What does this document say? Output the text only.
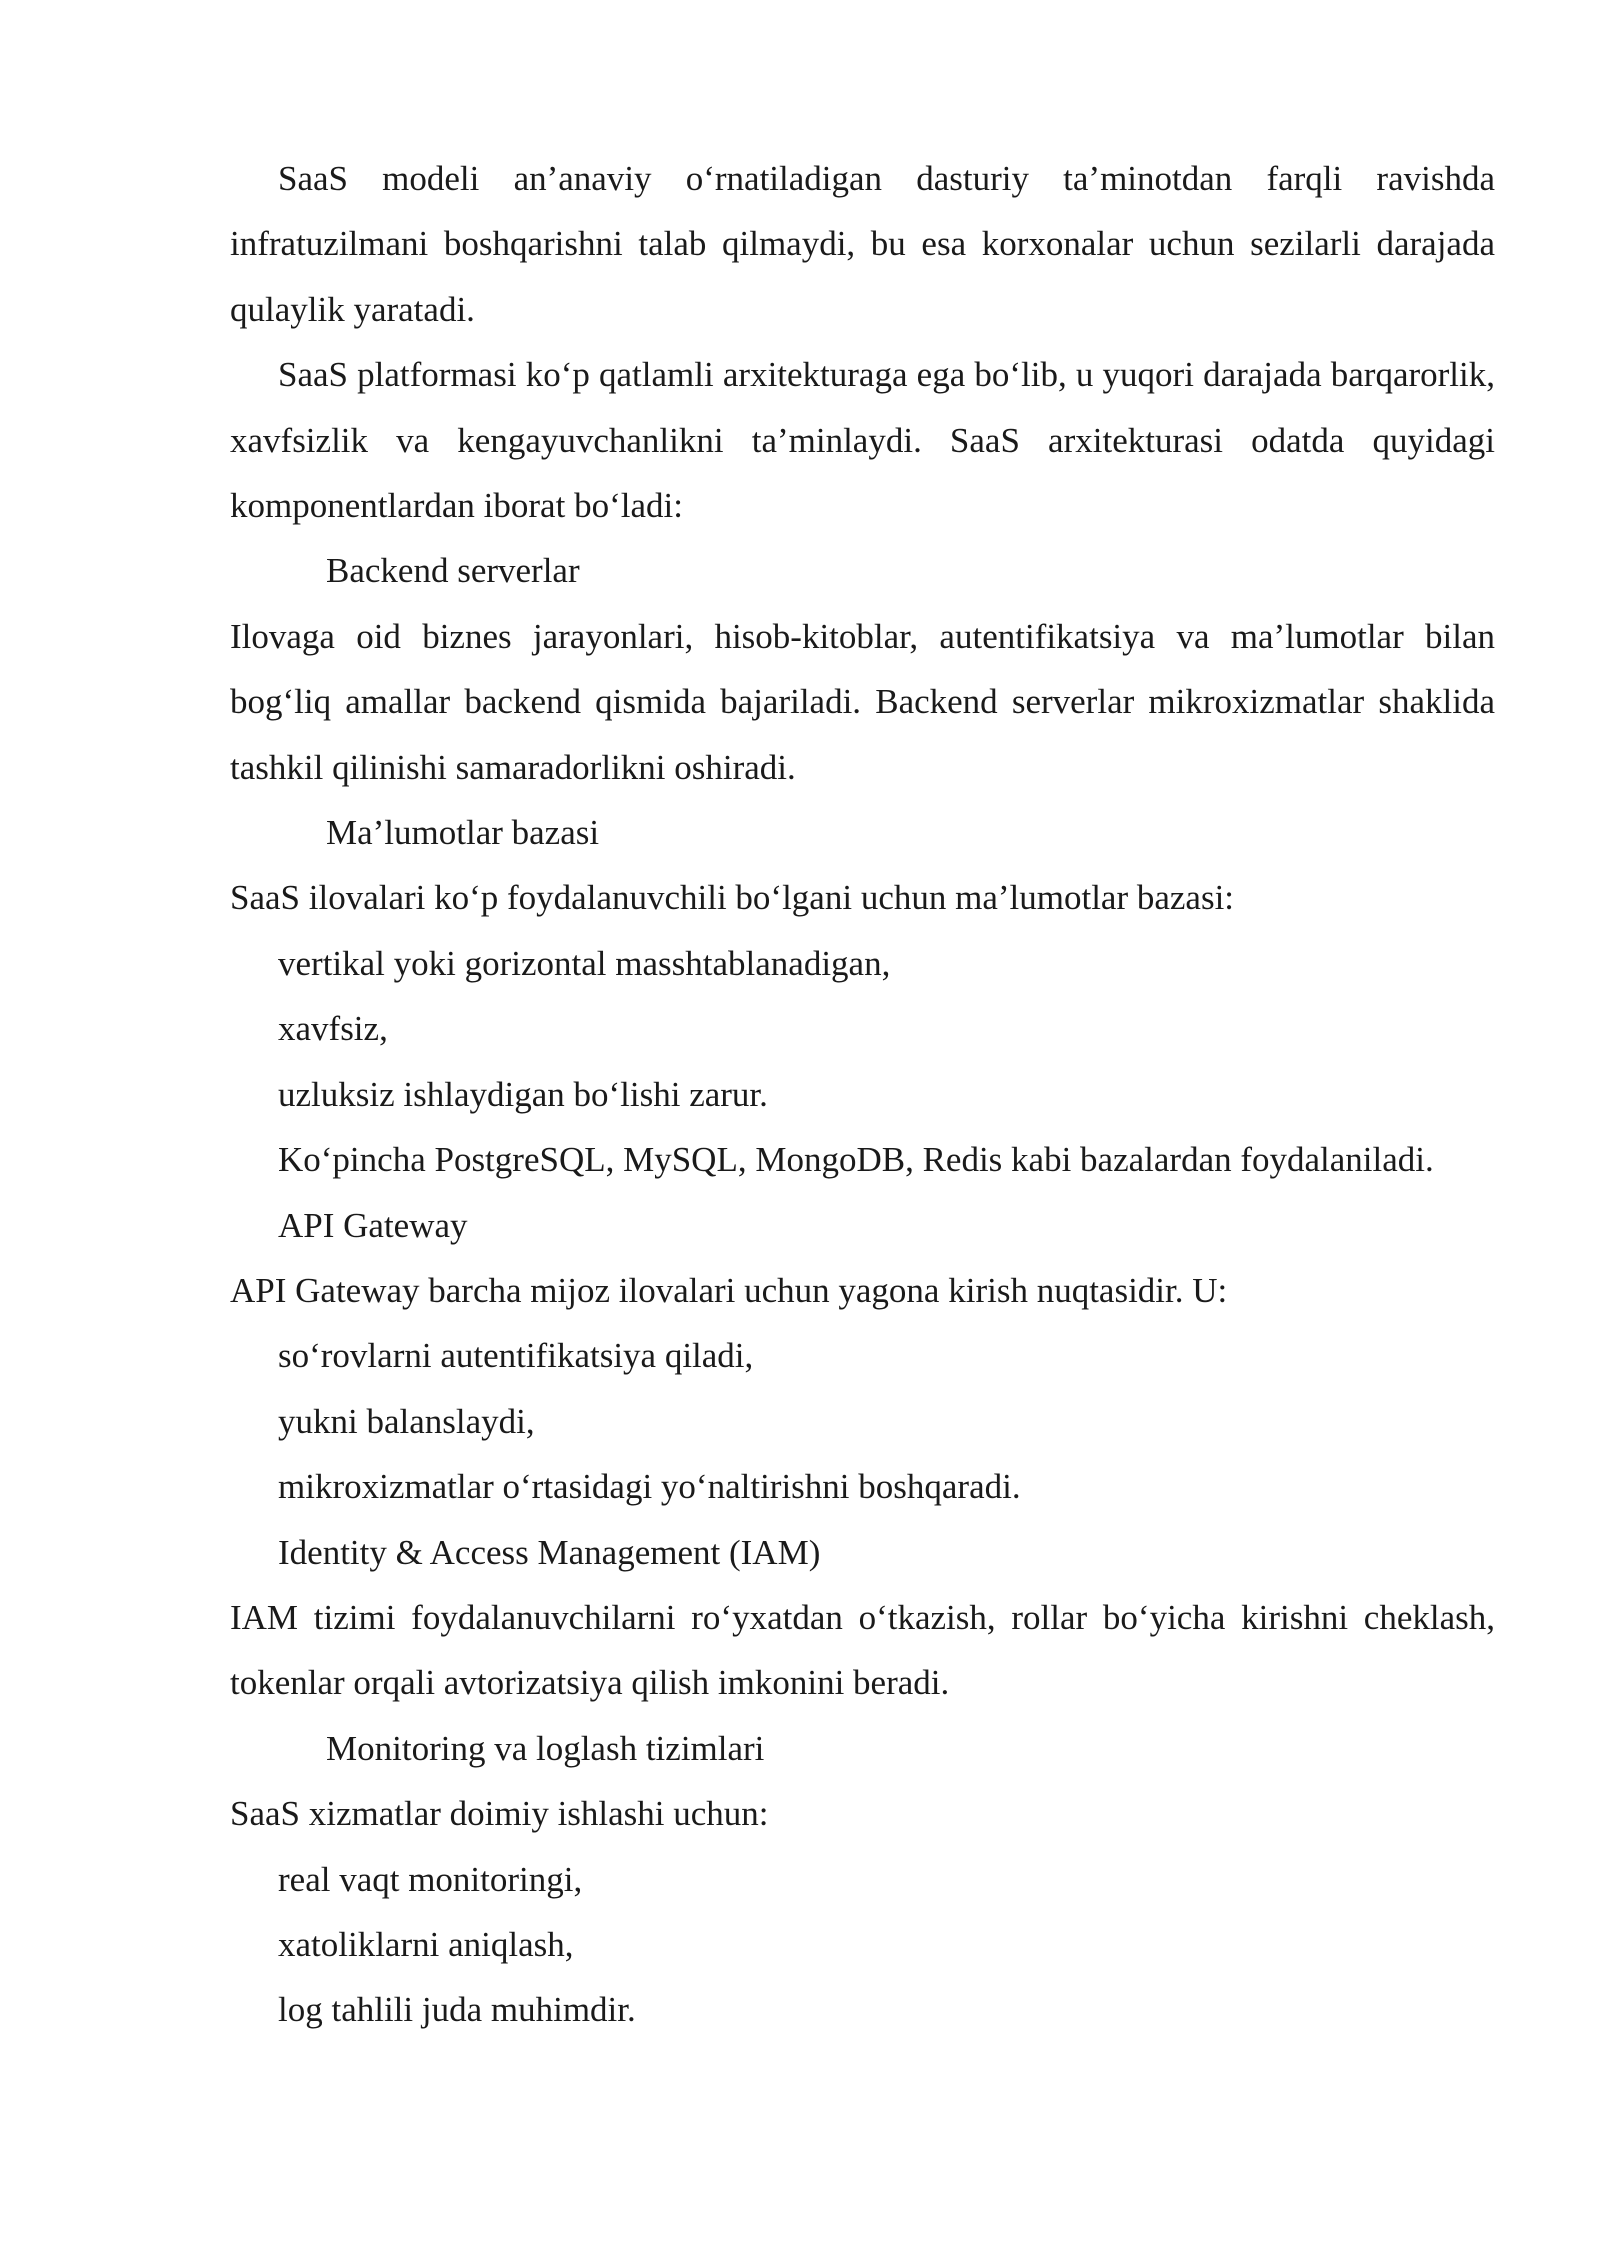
SaaS modeli an’anaviy o‘rnatiladigan dasturiy ta’minotdan farqli ravishda infratuzilmani boshqarishni talab qilmaydi, bu esa korxonalar uchun sezilarli darajada qulaylik yaratadi.

SaaS platformasi ko‘p qatlamli arxitekturaga ega bo‘lib, u yuqori darajada barqarorlik, xavfsizlik va kengayuvchanlikni ta’minlaydi. SaaS arxitekturasi odatda quyidagi komponentlardan iborat bo‘ladi:

Backend serverlar

Ilovaga oid biznes jarayonlari, hisob-kitoblar, autentifikatsiya va ma’lumotlar bilan bog‘liq amallar backend qismida bajariladi. Backend serverlar mikroxizmatlar shaklida tashkil qilinishi samaradorlikni oshiradi.

Ma’lumotlar bazasi

SaaS ilovalari ko‘p foydalanuvchili bo‘lgani uchun ma’lumotlar bazasi:

vertikal yoki gorizontal masshtablanadigan,

xavfsiz,

uzluksiz ishlaydigan bo‘lishi zarur.

Ko‘pincha PostgreSQL, MySQL, MongoDB, Redis kabi bazalardan foydalaniladi.

API Gateway

API Gateway barcha mijoz ilovalari uchun yagona kirish nuqtasidir. U:

so‘rovlarni autentifikatsiya qiladi,

yukni balanslaydi,

mikroxizmatlar o‘rtasidagi yo‘naltirishni boshqaradi.

Identity & Access Management (IAM)

IAM tizimi foydalanuvchilarni ro‘yxatdan o‘tkazish, rollar bo‘yicha kirishni cheklash, tokenlar orqali avtorizatsiya qilish imkonini beradi.

Monitoring va loglash tizimlari

SaaS xizmatlar doimiy ishlashi uchun:

real vaqt monitoringi,

xatoliklarni aniqlash,

log tahlili juda muhimdir.
